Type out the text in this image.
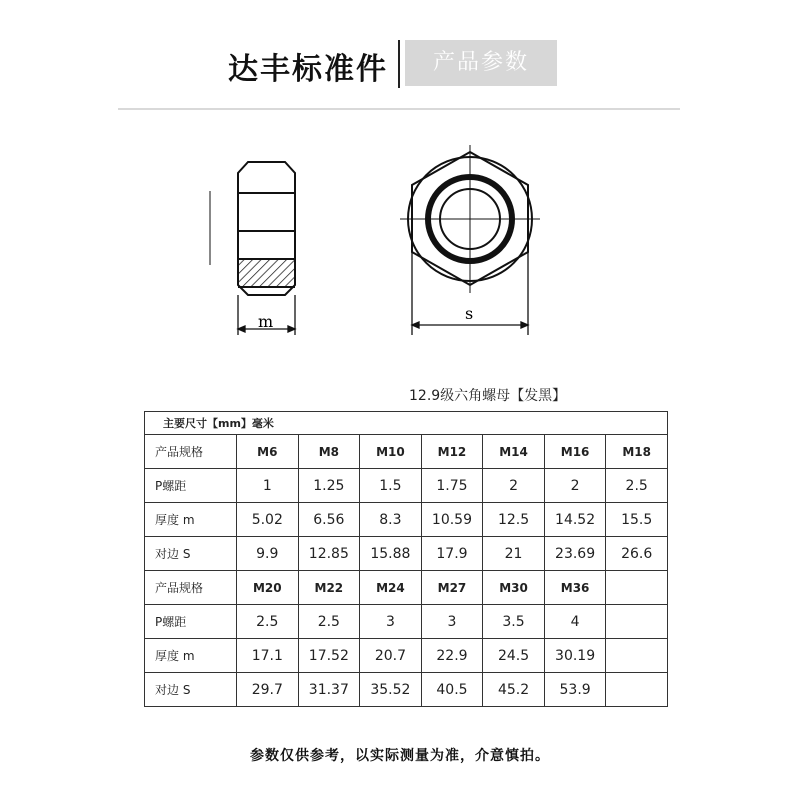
达丰标准件	产品参数
m	s
12.9级六角螺母【发黑】
主要尺寸【mm】毫米							
产品规格	M6	M8	M10	M12	M14	M16	M18
P螺距	1	1.25	1.5	1.75	2	2	2.5
厚度 m	5.02	6.56	8.3	10.59	12.5	14.52	15.5
对边 S	9.9	12.85	15.88	17.9	21	23.69	26.6
产品规格	M20	M22	M24	M27	M30	M36	
P螺距	2.5	2.5	3	3	3.5	4	
厚度 m	17.1	17.52	20.7	22.9	24.5	30.19	
对边 S	29.7	31.37	35.52	40.5	45.2	53.9	
参数仅供参考，以实际测量为准，介意慎拍。
